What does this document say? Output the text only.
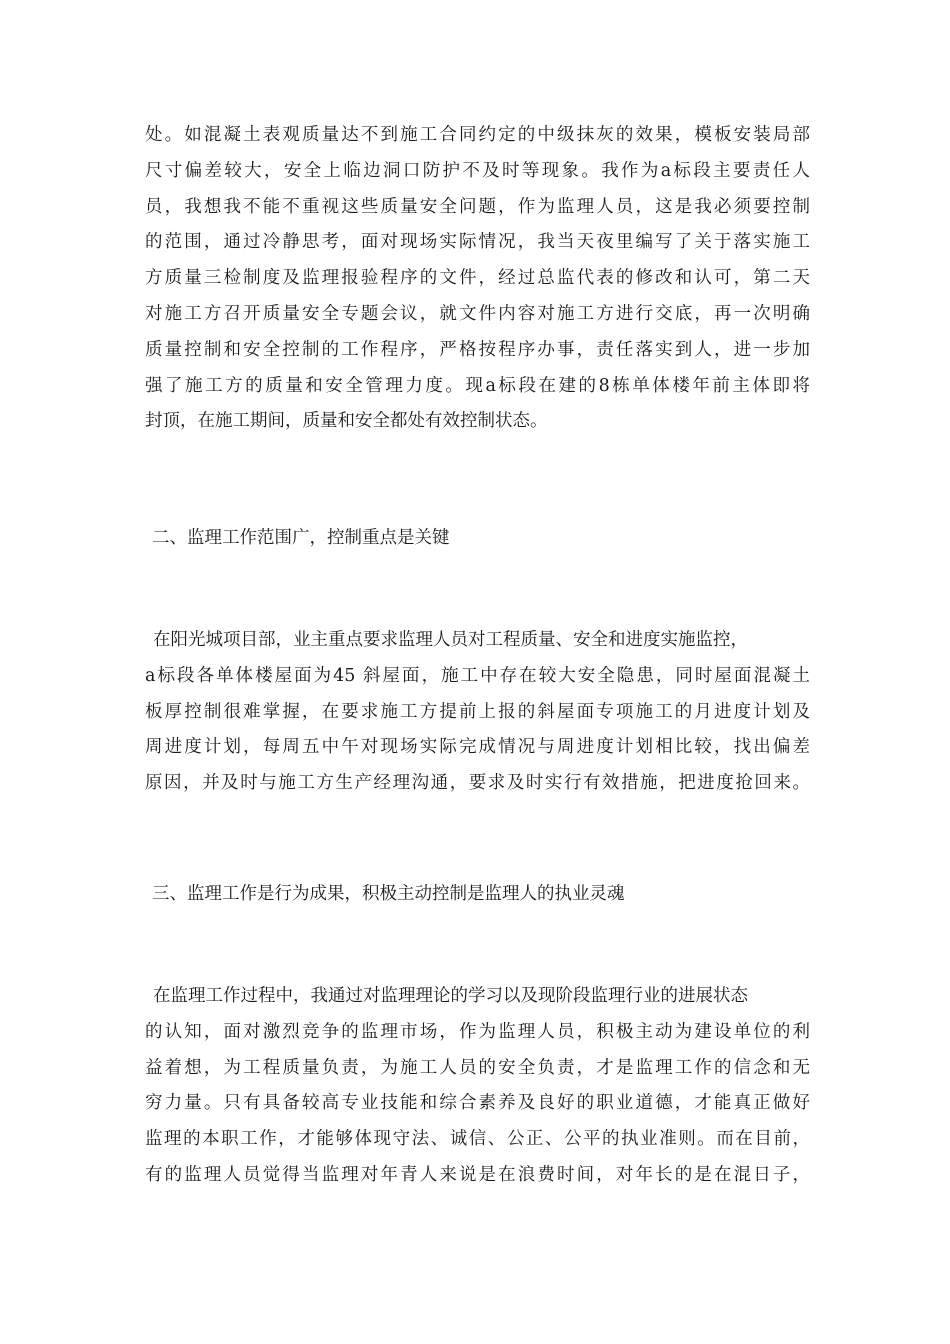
处。如混凝土表观质量达不到施工合同约定的中级抹灰的效果，模板安装局部
尺寸偏差较大，安全上临边洞口防护不及时等现象。我作为a标段主要责任人
员，我想我不能不重视这些质量安全问题，作为监理人员，这是我必须要控制
的范围，通过冷静思考，面对现场实际情况，我当天夜里编写了关于落实施工
方质量三检制度及监理报验程序的文件，经过总监代表的修改和认可，第二天
对施工方召开质量安全专题会议，就文件内容对施工方进行交底，再一次明确
质量控制和安全控制的工作程序，严格按程序办事，责任落实到人，进一步加
强了施工方的质量和安全管理力度。现a标段在建的8栋单体楼年前主体即将
封顶，在施工期间，质量和安全都处有效控制状态。
二、监理工作范围广，控制重点是关键
在阳光城项目部，业主重点要求监理人员对工程质量、安全和进度实施监控，
a标段各单体楼屋面为45 斜屋面，施工中存在较大安全隐患，同时屋面混凝土
板厚控制很难掌握，在要求施工方提前上报的斜屋面专项施工的月进度计划及
周进度计划，每周五中午对现场实际完成情况与周进度计划相比较，找出偏差
原因，并及时与施工方生产经理沟通，要求及时实行有效措施，把进度抢回来。
三、监理工作是行为成果，积极主动控制是监理人的执业灵魂
在监理工作过程中，我通过对监理理论的学习以及现阶段监理行业的进展状态
的认知，面对激烈竞争的监理市场，作为监理人员，积极主动为建设单位的利
益着想，为工程质量负责，为施工人员的安全负责，才是监理工作的信念和无
穷力量。只有具备较高专业技能和综合素养及良好的职业道德，才能真正做好
监理的本职工作，才能够体现守法、诚信、公正、公平的执业准则。而在目前，
有的监理人员觉得当监理对年青人来说是在浪费时间，对年长的是在混日子，
